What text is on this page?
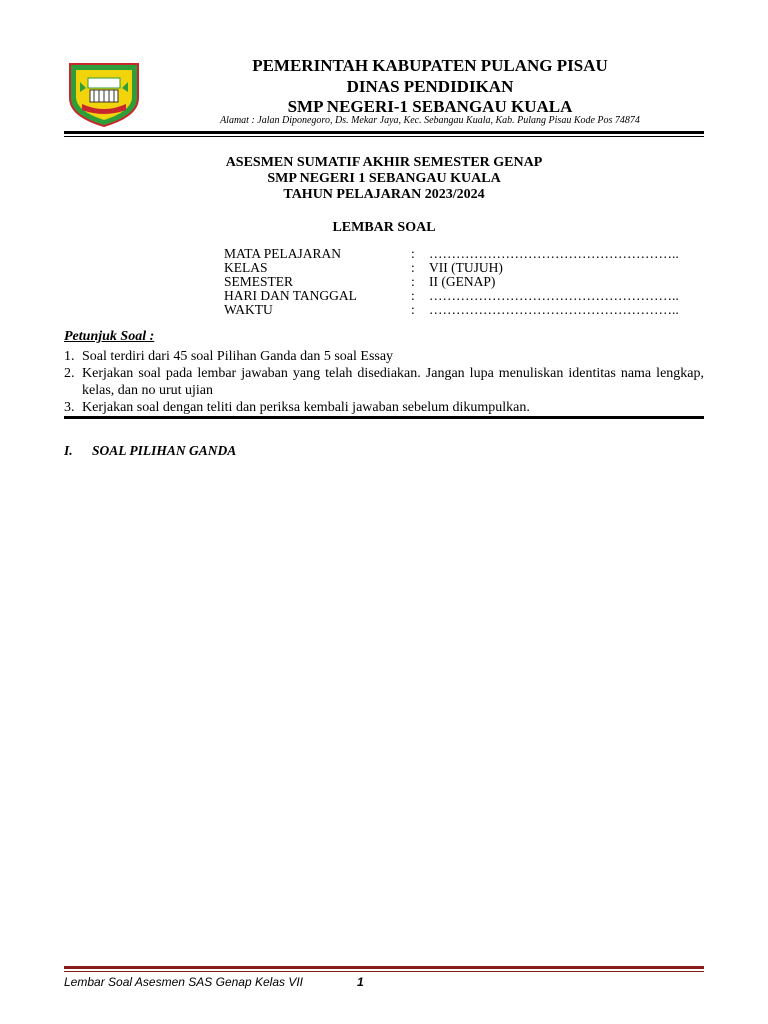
PEMERINTAH KABUPATEN PULANG PISAU
DINAS PENDIDIKAN
SMP NEGERI-1 SEBANGAU KUALA
Alamat : Jalan Diponegoro, Ds. Mekar Jaya, Kec. Sebangau Kuala, Kab. Pulang Pisau Kode Pos 74874
ASESMEN SUMATIF AKHIR SEMESTER GENAP
SMP NEGERI 1 SEBANGAU KUALA
TAHUN PELAJARAN 2023/2024
LEMBAR SOAL
MATA PELAJARAN	: ………………………………………………..
KELAS	: VII (TUJUH)
SEMESTER	: II (GENAP)
HARI DAN TANGGAL	: ………………………………………………..
WAKTU	: ………………………………………………..
Petunjuk Soal :
1. Soal terdiri dari 45 soal Pilihan Ganda dan 5 soal Essay
2. Kerjakan soal pada lembar jawaban yang telah disediakan. Jangan lupa menuliskan identitas nama lengkap, kelas, dan no urut ujian
3. Kerjakan soal dengan teliti dan periksa kembali jawaban sebelum dikumpulkan.
I. SOAL PILIHAN GANDA
Lembar Soal Asesmen SAS Genap Kelas VII	1
